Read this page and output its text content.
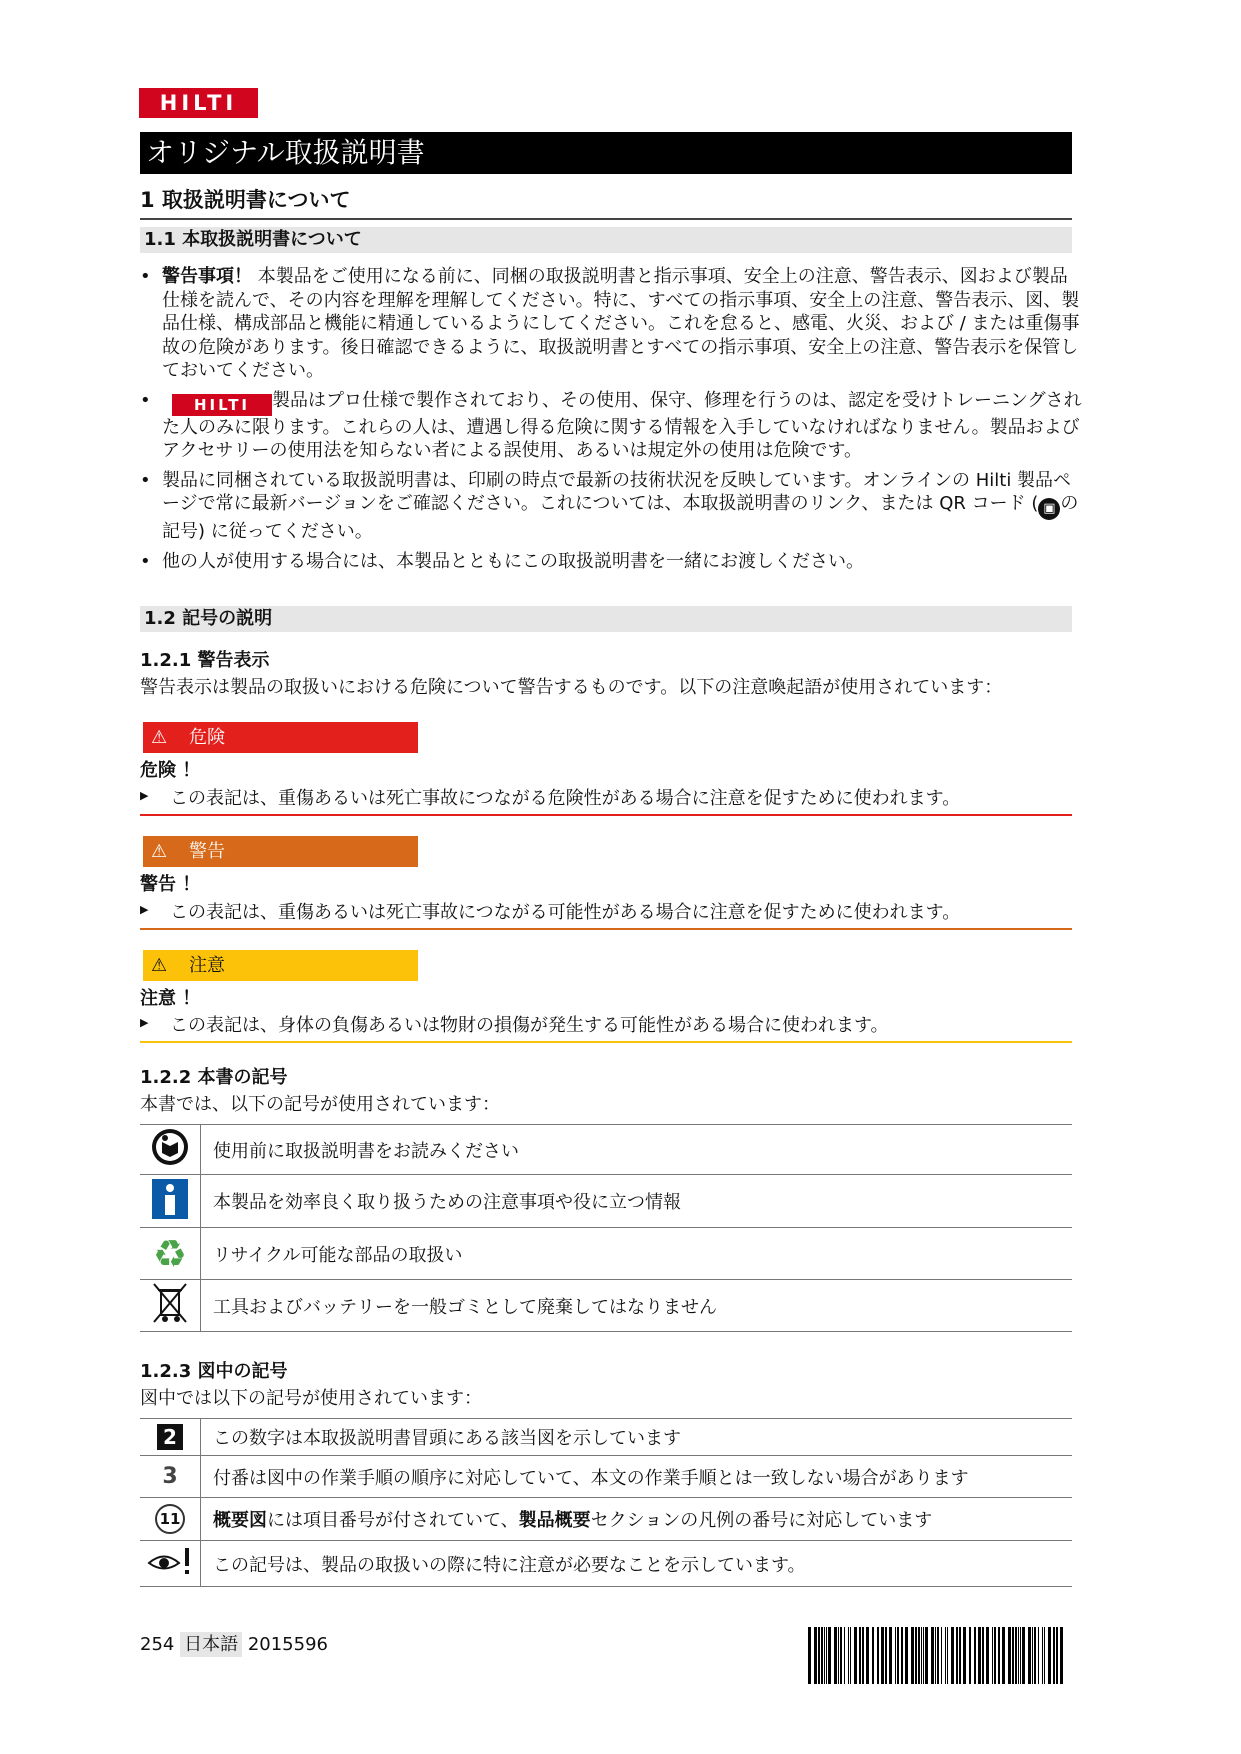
HILTI
オリジナル取扱説明書
1 取扱説明書について
1.1 本取扱説明書について
• 警告事項！ 本製品をご使用になる前に、同梱の取扱説明書と指示事項、安全上の注意、警告表示、図および製品仕様を読んで、その内容を理解を理解してください。特に、すべての指示事項、安全上の注意、警告表示、図、製品仕様、構成部品と機能に精通しているようにしてください。これを怠ると、感電、火災、および / または重傷事故の危険があります。後日確認できるように、取扱説明書とすべての指示事項、安全上の注意、警告表示を保管しておいてください。
•	HILTI 製品はプロ仕様で製作されており、その使用、保守、修理を行うのは、認定を受けトレーニングされた人のみに限ります。これらの人は、遭遇し得る危険に関する情報を入手していなければなりません。製品およびアクセサリーの使用法を知らない者による誤使用、あるいは規定外の使用は危険です。
• 製品に同梱されている取扱説明書は、印刷の時点で最新の技術状況を反映しています。オンラインの Hilti 製品ページで常に最新バージョンをご確認ください。これについては、本取扱説明書のリンク、または QR コード ( ▣ の記号) に従ってください。
• 他の人が使用する場合には、本製品とともにこの取扱説明書を一緒にお渡しください。
1.2 記号の説明
1.2.1 警告表示
警告表示は製品の取扱いにおける危険について警告するものです。以下の注意喚起語が使用されています：
⚠ 危険
危険 ！
▶ この表記は、重傷あるいは死亡事故につながる危険性がある場合に注意を促すために使われます。
⚠ 警告
警告 ！
▶ この表記は、重傷あるいは死亡事故につながる可能性がある場合に注意を促すために使われます。
⚠ 注意
注意 ！
▶ この表記は、身体の負傷あるいは物財の損傷が発生する可能性がある場合に使われます。
1.2.2 本書の記号
本書では、以下の記号が使用されています：
	使用前に取扱説明書をお読みください
	本製品を効率良く取り扱うための注意事項や役に立つ情報
♻	リサイクル可能な部品の取扱い
	工具およびバッテリーを一般ゴミとして廃棄してはなりません
1.2.3 図中の記号
図中では以下の記号が使用されています：
2	この数字は本取扱説明書冒頭にある該当図を示しています
3	付番は図中の作業手順の順序に対応していて、本文の作業手順とは一致しない場合があります
11	概要図には項目番号が付されていて、製品概要セクションの凡例の番号に対応しています
	この記号は、製品の取扱いの際に特に注意が必要なことを示しています。
254 日本語 2015596
